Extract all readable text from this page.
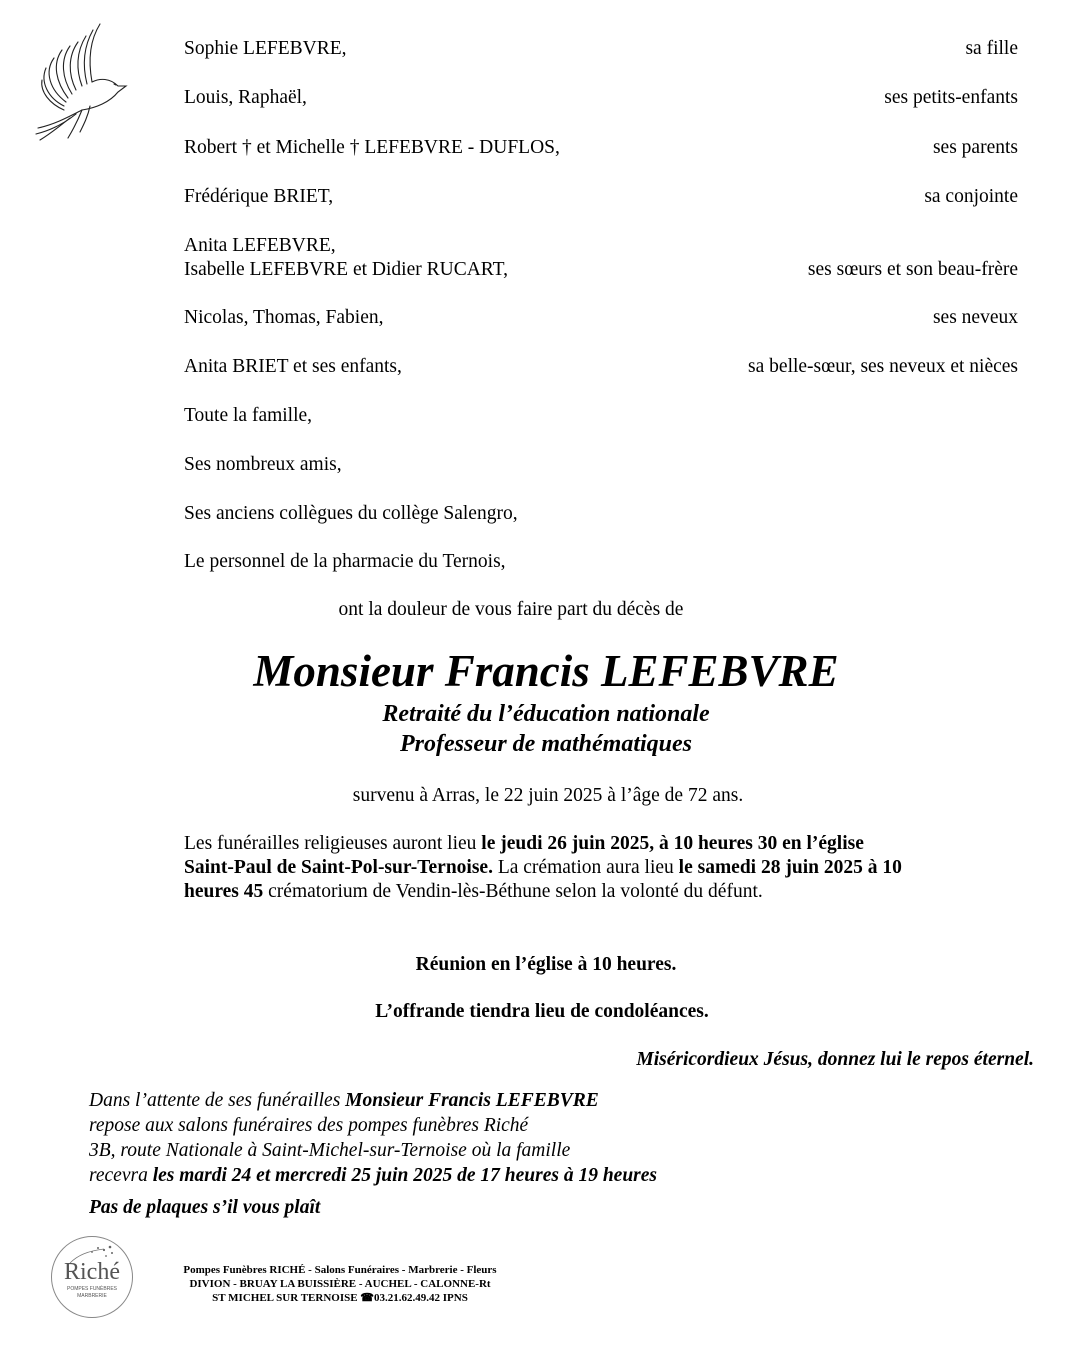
Sophie LEFEBVRE,	sa fille
Louis, Raphaël,	ses petits-enfants
Robert † et Michelle † LEFEBVRE - DUFLOS,	ses parents
Frédérique BRIET,	sa conjointe
Anita LEFEBVRE,
Isabelle LEFEBVRE et Didier RUCART,	ses sœurs et son beau-frère
Nicolas, Thomas, Fabien,	ses neveux
Anita BRIET et ses enfants,	sa belle-sœur, ses neveux et nièces
Toute la famille,
Ses nombreux amis,
Ses anciens collègues du collège Salengro,
Le personnel de la pharmacie du Ternois,
ont la douleur de vous faire part du décès de
Monsieur Francis LEFEBVRE
Retraité du l’éducation nationale
Professeur de mathématiques
survenu à Arras, le 22 juin 2025 à l’âge de 72 ans.
Les funérailles religieuses auront lieu le jeudi 26 juin 2025, à 10 heures 30 en l’église Saint-Paul de Saint-Pol-sur-Ternoise. La crémation aura lieu le samedi 28 juin 2025 à 10 heures 45 crématorium de Vendin-lès-Béthune selon la volonté du défunt.
Réunion en l’église à 10 heures.
L’offrande tiendra lieu de condoléances.
Miséricordieux Jésus, donnez lui le repos éternel.
Dans l’attente de ses funérailles Monsieur Francis LEFEBVRE
repose aux salons funéraires des pompes funèbres Riché
3B, route Nationale à Saint-Michel-sur-Ternoise où la famille
recevra les mardi 24 et mercredi 25 juin 2025 de 17 heures à 19 heures
Pas de plaques s’il vous plaît
Riché
POMPES FUNÈBRES
MARBRERIE
Pompes Funèbres RICHÉ - Salons Funéraires - Marbrerie - Fleurs
DIVION - BRUAY LA BUISSIÈRE - AUCHEL - CALONNE-Rt
ST MICHEL SUR TERNOISE ☎03.21.62.49.42 IPNS
